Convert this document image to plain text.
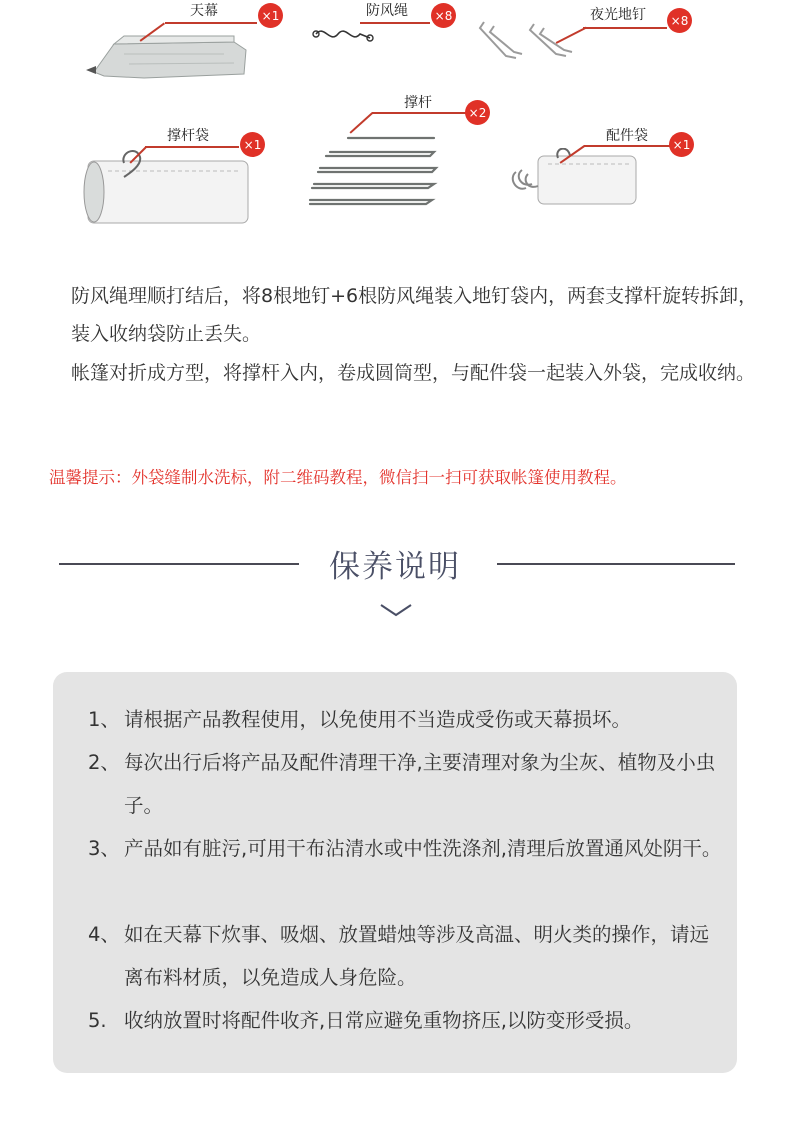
天幕	×1	防风绳	×8	夜光地钉	×8
撑杆袋
×1
撑杆
×2
配件袋
×1
防风绳理顺打结后，将8根地钉+6根防风绳装入地钉袋内，两套支撑杆旋转拆卸，装入收纳袋防止丢失。
帐篷对折成方型，将撑杆入内，卷成圆筒型，与配件袋一起装入外袋，完成收纳。
温馨提示：外袋缝制水洗标，附二维码教程，微信扫一扫可获取帐篷使用教程。
保养说明
1、 请根据产品教程使用，以免使用不当造成受伤或天幕损坏。
2、 每次出行后将产品及配件清理干净,主要清理对象为尘灰、植物及小虫子。
3、 产品如有脏污,可用干布沾清水或中性洗涤剂,清理后放置通风处阴干。
4、 如在天幕下炊事、吸烟、放置蜡烛等涉及高温、明火类的操作，请远离布料材质，以免造成人身危险。
5. 收纳放置时将配件收齐,日常应避免重物挤压,以防变形受损。
